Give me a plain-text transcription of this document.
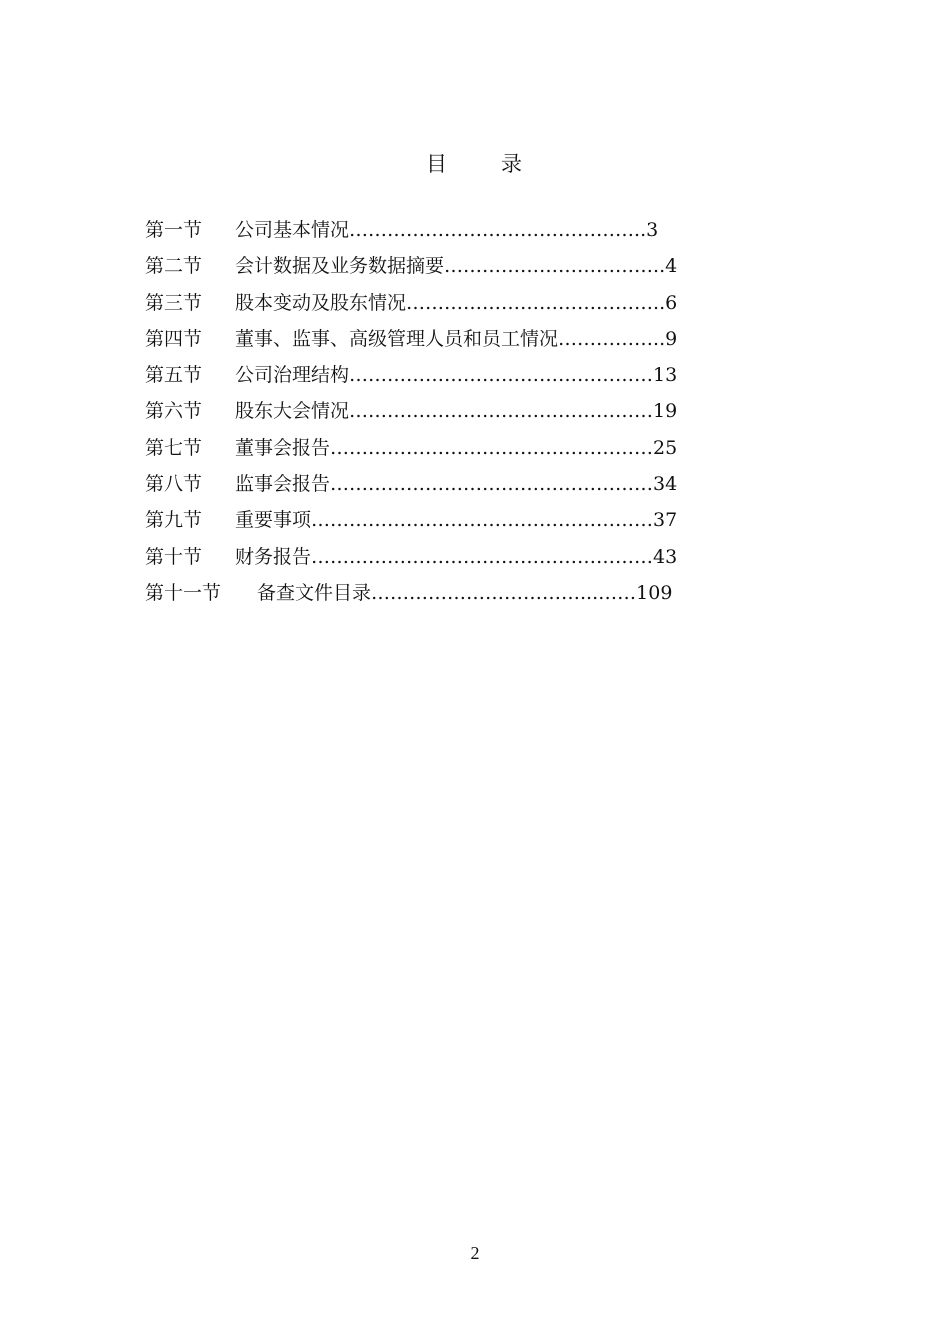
目 录
第一节 公司基本情况………………………………………..3
第二节 会计数据及业务数据摘要……………………………..4
第三节 股本变动及股东情况…………………………………..6
第四节 董事、监事、高级管理人员和员工情况……………..9
第五节 公司治理结构…………………………………………13
第六节 股东大会情况…………………………………………19
第七节 董事会报告……………………………………………25
第八节 监事会报告……………………………………………34
第九节 重要事项………………………………………………37
第十节 财务报告………………………………………………43
第十一节 备查文件目录……………………………...……109
2
